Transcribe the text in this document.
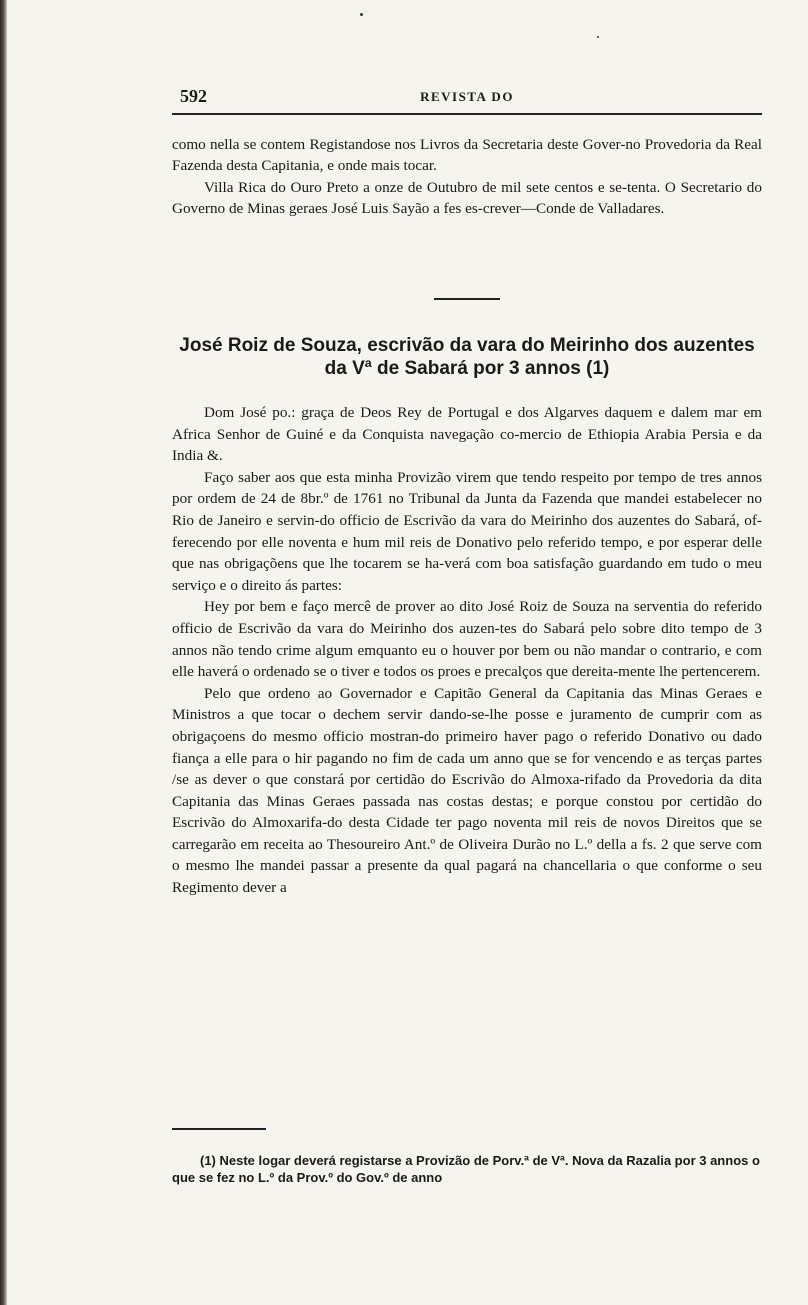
592	REVISTA DO

como nella se contem Registandose nos Livros da Secretaria deste Gover-no Provedoria da Real Fazenda desta Capitania, e onde mais tocar.

Villa Rica do Ouro Preto a onze de Outubro de mil sete centos e se-tenta. O Secretario do Governo de Minas geraes José Luis Sayão a fes es-crever—Conde de Valladares.

José Roiz de Souza, escrivão da vara do Meirinho dos auzentes da Vª de Sabará por 3 annos (1)

Dom José po.: graça de Deos Rey de Portugal e dos Algarves daquem e dalem mar em Africa Senhor de Guiné e da Conquista navegação co-mercio de Ethiopia Arabia Persia e da India &.

Faço saber aos que esta minha Provizão virem que tendo respeito por tempo de tres annos por ordem de 24 de 8br.º de 1761 no Tribunal da Junta da Fazenda que mandei estabelecer no Rio de Janeiro e servin-do officio de Escrivão da vara do Meirinho dos auzentes do Sabará, of-ferecendo por elle noventa e hum mil reis de Donativo pelo referido tempo, e por esperar delle que nas obrigaçõens que lhe tocarem se ha-verá com boa satisfação guardando em tudo o meu serviço e o direito ás partes:

Hey por bem e faço mercê de prover ao dito José Roiz de Souza na serventia do referido officio de Escrivão da vara do Meirinho dos auzen-tes do Sabará pelo sobre dito tempo de 3 annos não tendo crime algum emquanto eu o houver por bem ou não mandar o contrario, e com elle haverá o ordenado se o tiver e todos os proes e precalços que dereita-mente lhe pertencerem.

Pelo que ordeno ao Governador e Capitão General da Capitania das Minas Geraes e Ministros a que tocar o dechem servir dando-se-lhe posse e juramento de cumprir com as obrigaçoens do mesmo officio mostran-do primeiro haver pago o referido Donativo ou dado fiança a elle para o hir pagando no fim de cada um anno que se for vencendo e as terças partes /se as dever o que constará por certidão do Escrivão do Almoxa-rifado da Provedoria da dita Capitania das Minas Geraes passada nas costas destas; e porque constou por certidão do Escrivão do Almoxarifa-do desta Cidade ter pago noventa mil reis de novos Direitos que se carregarão em receita ao Thesoureiro Ant.º de Oliveira Durão no L.º della a fs. 2 que serve com o mesmo lhe mandei passar a presente da qual pagará na chancellaria o que conforme o seu Regimento dever a

(1) Neste logar deverá registarse a Provizão de Porv.ª de Vª. Nova da Razalia por 3 annos o que se fez no L.º da Prov.º do Gov.º de anno
